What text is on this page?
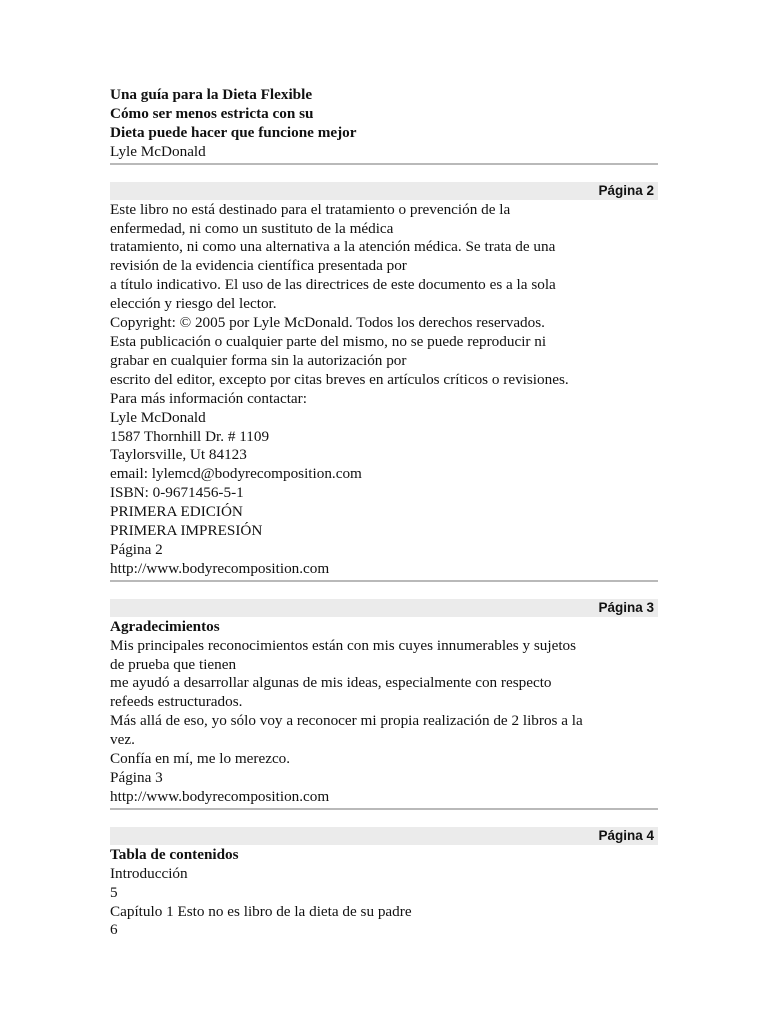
Una guía para la Dieta Flexible
Cómo ser menos estricta con su
Dieta puede hacer que funcione mejor
Lyle McDonald
Página 2
Este libro no está destinado para el tratamiento o prevención de la
enfermedad, ni como un sustituto de la médica
tratamiento, ni como una alternativa a la atención médica. Se trata de una
revisión de la evidencia científica presentada por
a título indicativo. El uso de las directrices de este documento es a la sola
elección y riesgo del lector.
Copyright: © 2005 por Lyle McDonald. Todos los derechos reservados.
Esta publicación o cualquier parte del mismo, no se puede reproducir ni
grabar en cualquier forma sin la autorización por
escrito del editor, excepto por citas breves en artículos críticos o revisiones.
Para más información contactar:
Lyle McDonald
1587 Thornhill Dr. # 1109
Taylorsville, Ut 84123
email: lylemcd@bodyrecomposition.com
ISBN: 0-9671456-5-1
PRIMERA EDICIÓN
PRIMERA IMPRESIÓN
Página 2
http://www.bodyrecomposition.com
Página 3
Agradecimientos
Mis principales reconocimientos están con mis cuyes innumerables y sujetos
de prueba que tienen
me ayudó a desarrollar algunas de mis ideas, especialmente con respecto
refeeds estructurados.
Más allá de eso, yo sólo voy a reconocer mi propia realización de 2 libros a la
vez.
Confía en mí, me lo merezco.
Página 3
http://www.bodyrecomposition.com
Página 4
Tabla de contenidos
Introducción
5
Capítulo 1 Esto no es libro de la dieta de su padre
6
